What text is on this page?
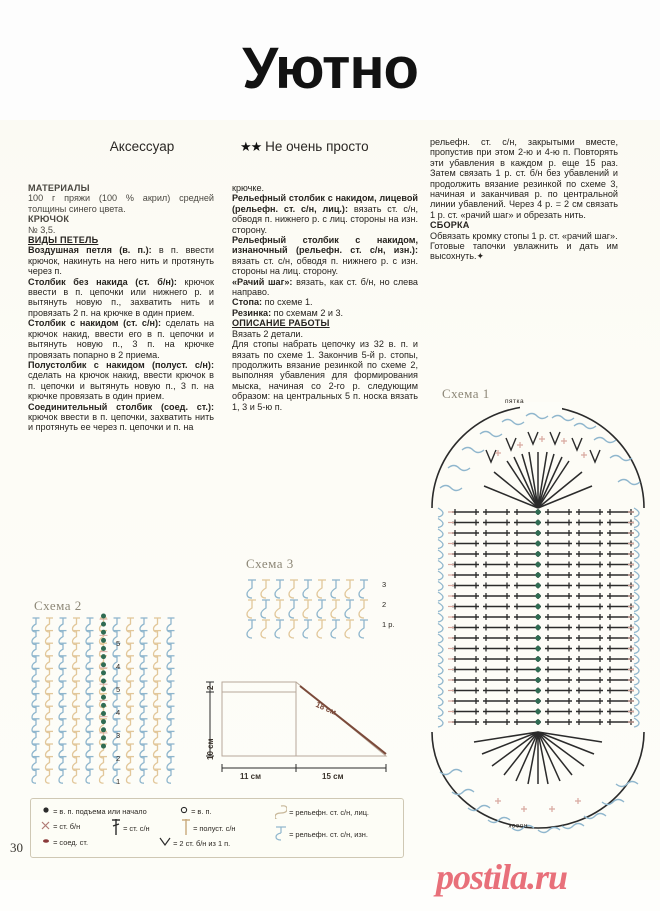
Уютно
Аксессуар	★★ Не очень просто

МАТЕРИАЛЫ

100 г пряжи (100 % акрил) средней толщины синего цвета.

КРЮЧОК

№ 3,5.

ВИДЫ ПЕТЕЛЬ

Воздушная петля (в. п.): в п. ввести крючок, накинуть на него нить и протянуть через п.

Столбик без накида (ст. б/н): крючок ввести в п. цепочки или нижнего р. и вытянуть новую п., захватить нить и провязать 2 п. на крючке в один прием.

Столбик с накидом (ст. с/н): сделать на крючок накид, ввести его в п. цепочки и вытянуть новую п., 3 п. на крючке провязать попарно в 2 приема.

Полустолбик с накидом (полуст. с/н): сделать на крючок накид, ввести крючок в п. цепочки и вытянуть новую п., 3 п. на крючке провязать в один прием.

Соединительный столбик (соед. ст.): крючок ввести в п. цепочки, захватить нить и протянуть ее через п. цепочки и п. на

крючке.

Рельефный столбик с накидом, лицевой (рельефн. ст. с/н, лиц.): вязать ст. с/н, обводя п. нижнего р. с лиц. стороны на изн. сторону.

Рельефный столбик с накидом, изнаночный (рельефн. ст. с/н, изн.): вязать ст. с/н, обводя п. нижнего р. с изн. стороны на лиц. сторону.

«Рачий шаг»: вязать, как ст. б/н, но слева направо.

Стопа: по схеме 1.

Резинка: по схемам 2 и 3.

ОПИСАНИЕ РАБОТЫ

Вязать 2 детали.

Для стопы набрать цепочку из 32 в. п. и вязать по схеме 1. Закончив 5-й р. стопы, продолжить вязание резинкой по схеме 2, выполняя убавления для формирования мыска, начиная со 2-го р. следующим образом: на центральных 5 п. носка вязать 1, 3 и 5-ю п.

рельефн. ст. с/н, закрытыми вместе, пропустив при этом 2-ю и 4-ю п. Повторять эти убавления в каждом р. еще 15 раз. Затем связать 1 р. ст. б/н без убавлений и продолжить вязание резинкой по схеме 3, начиная и заканчивая р. по центральной линии убавлений. Через 4 р. = 2 см связать 1 р. ст. «рачий шаг» и обрезать нить.

СБОРКА

Обвязать кромку стопы 1 р. ст. «рачий шаг».

Готовые тапочки увлажнить и дать им высохнуть.✦

Схема 1
пятка
носок
Схема 2
1
2
3
4
5
4
5
Схема 3
1 р.
2
3
2
10 см
11 см	15 см
18 см
= в. п. подъема или начало	= в. п.	= рельефн. ст. с/н, лиц.
= ст. б/н	= ст. с/н	= полуст. с/н
= рельефн. ст. с/н, изн.
= соед. ст.	= 2 ст. б/н из 1 п.
30
postila.ru
